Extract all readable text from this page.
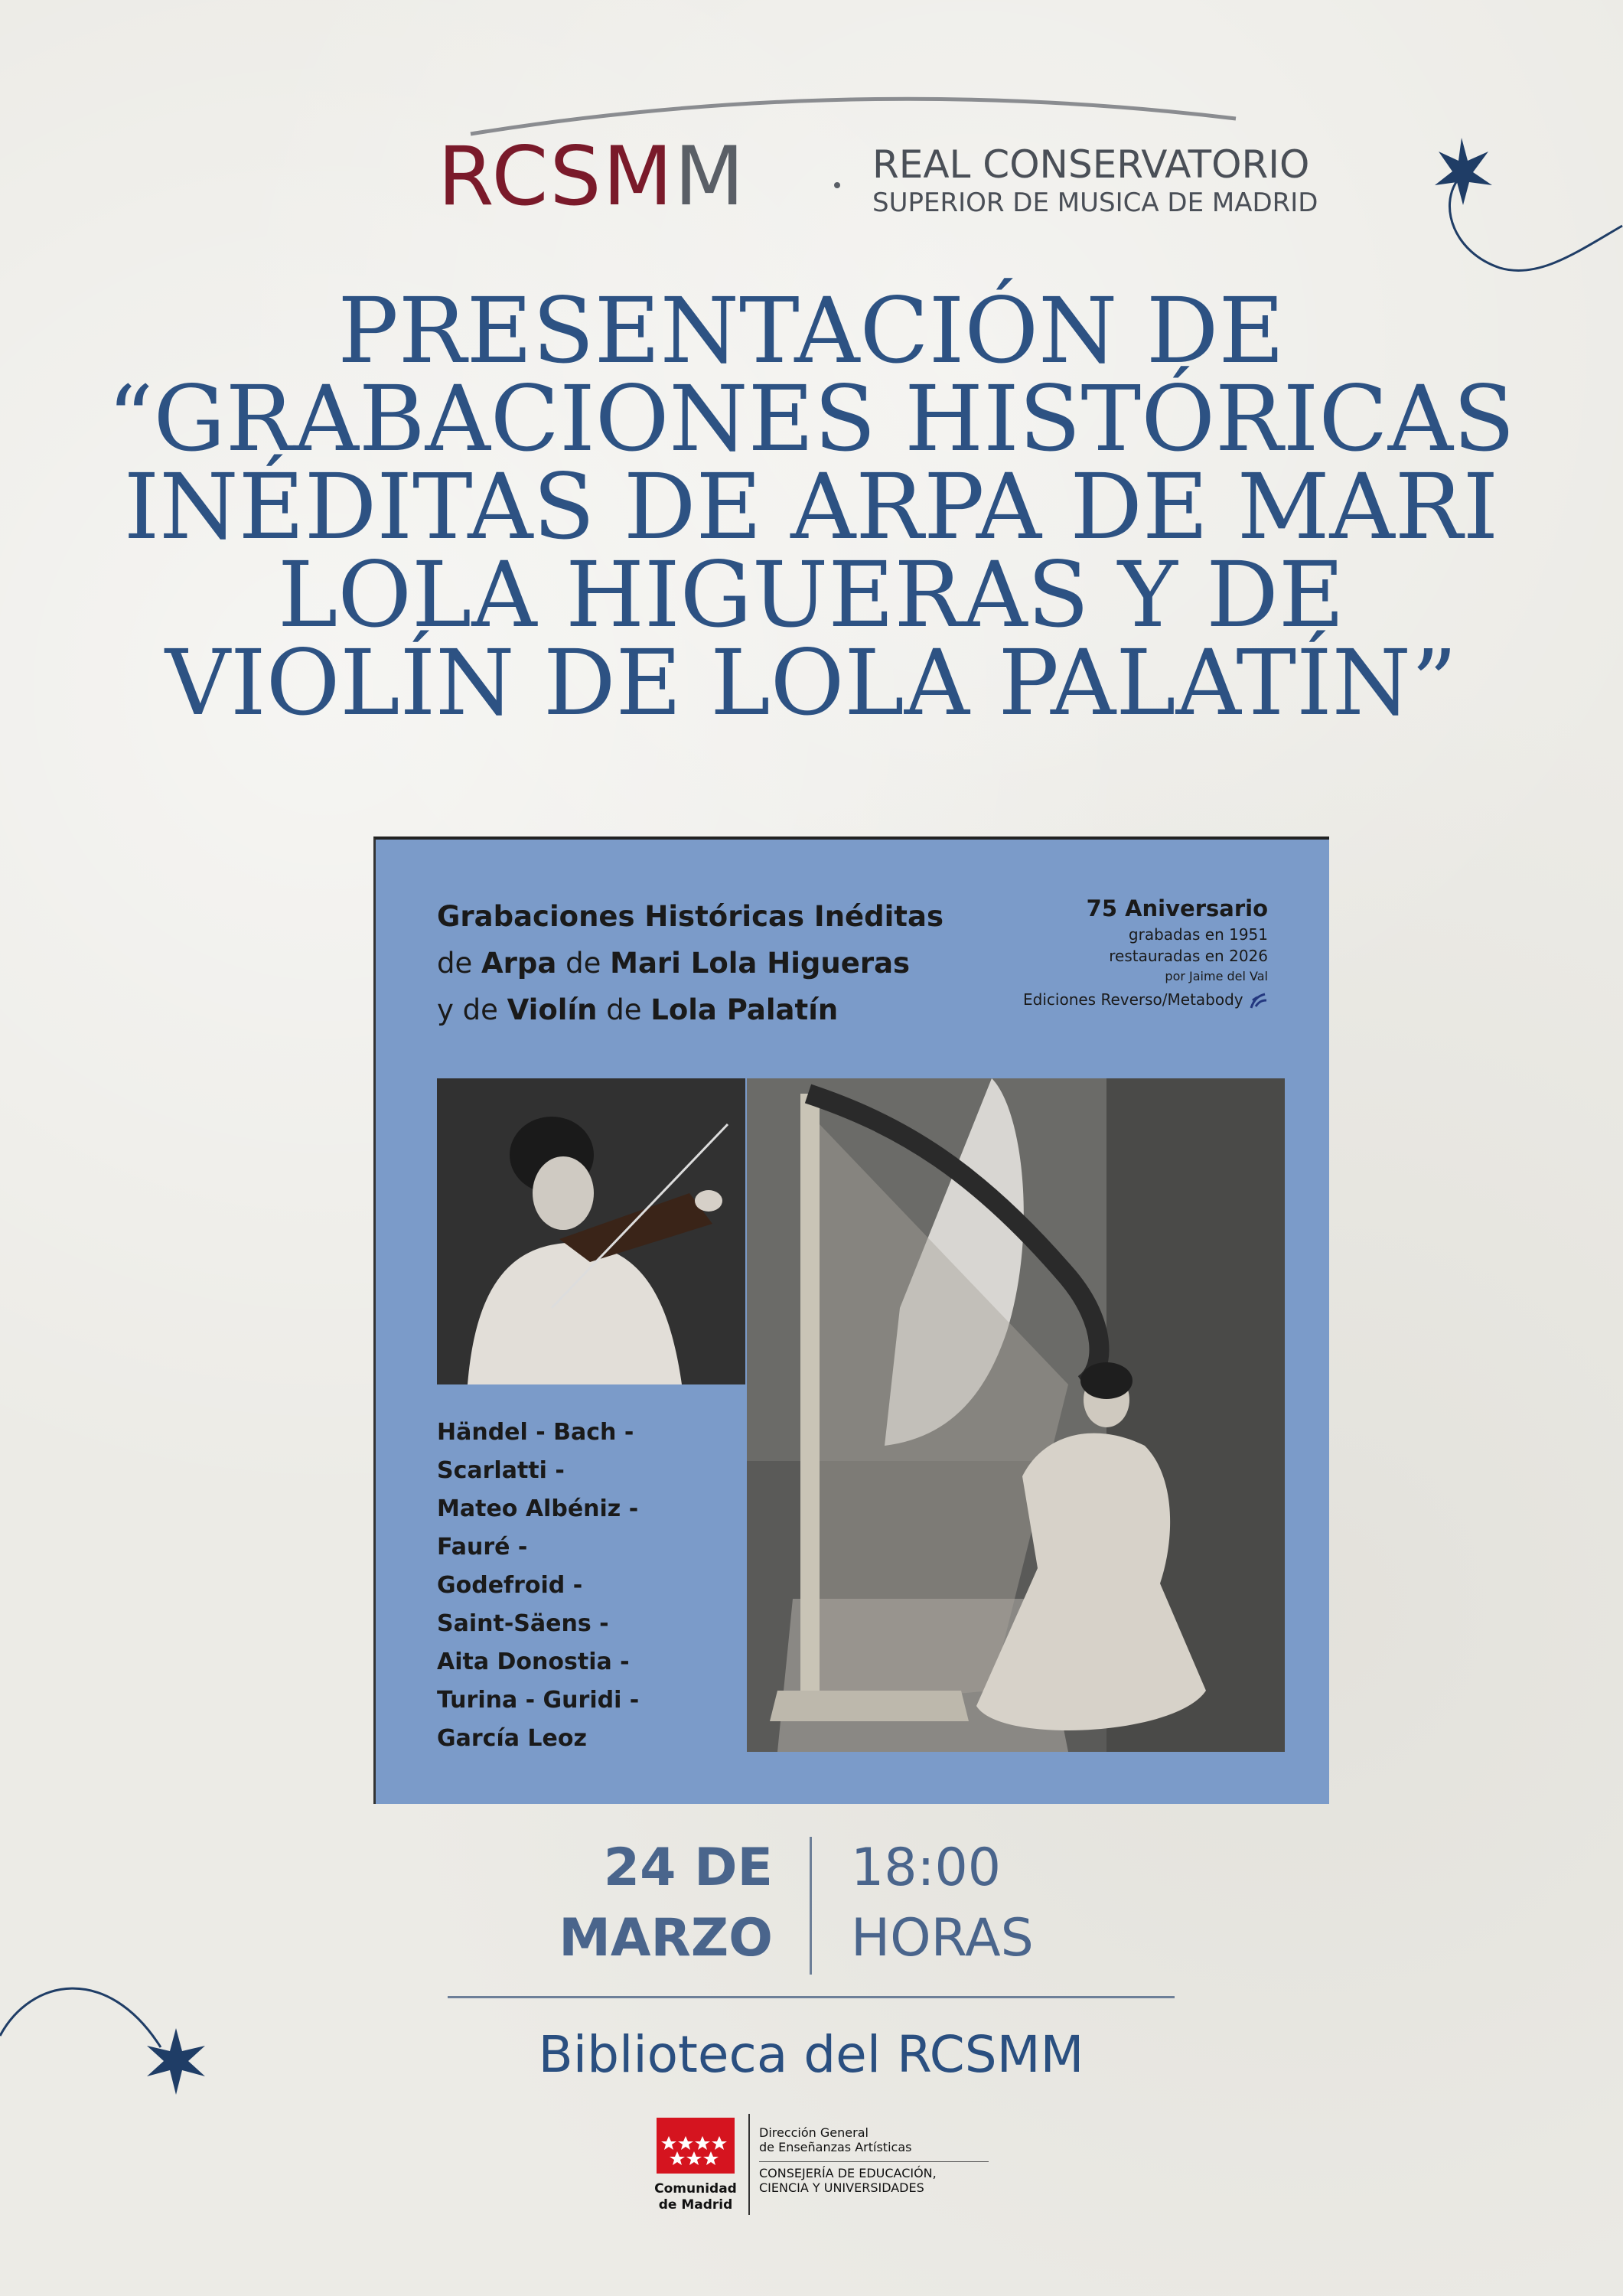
RCSMM	REAL CONSERVATORIO
SUPERIOR DE MUSICA DE MADRID
PRESENTACIÓN DE
“GRABACIONES HISTÓRICAS
INÉDITAS DE ARPA DE MARI
LOLA HIGUERAS Y DE
VIOLÍN DE LOLA PALATÍN”
Grabaciones Históricas Inéditas
de Arpa de Mari Lola Higueras
y de Violín de Lola Palatín
75 Aniversario
grabadas en 1951
restauradas en 2026
por Jaime del Val
Ediciones Reverso/Metabody
Händel - Bach -
Scarlatti -
Mateo Albéniz -
Fauré -
Godefroid -
Saint-Säens -
Aita Donostia -
Turina - Guridi -
García Leoz
24 DE
MARZO
18:00
HORAS
Biblioteca del RCSMM
Comunidad
de Madrid
Dirección General
de Enseñanzas Artísticas
CONSEJERÍA DE EDUCACIÓN,
CIENCIA Y UNIVERSIDADES
